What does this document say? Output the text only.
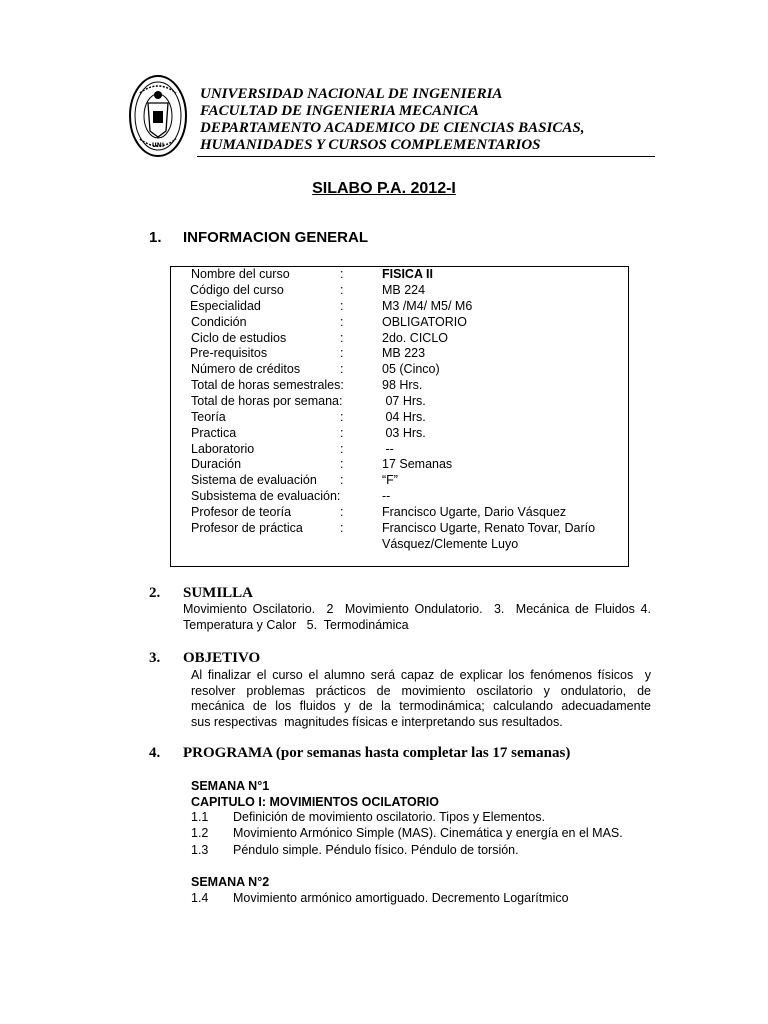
UNI
UNIVERSIDAD NACIONAL DE INGENIERIA
FACULTAD DE INGENIERIA MECANICA
DEPARTAMENTO ACADEMICO DE CIENCIAS BASICAS,
HUMANIDADES Y CURSOS COMPLEMENTARIOS
SILABO P.A. 2012-I
1. INFORMACION GENERAL
Nombre del curso	:	FISICA II
Código del curso	:	MB 224
Especialidad	:	M3 /M4/ M5/ M6
Condición	:	OBLIGATORIO
Ciclo de estudios	:	2do. CICLO
Pre-requisitos	:	MB 223
Número de créditos	:	05 (Cinco)
Total de horas semestrales:	98 Hrs.
Total de horas por semana:	07 Hrs.
Teoría	:	04 Hrs.
Practica	:	03 Hrs.
Laboratorio	:	--
Duración	:	17 Semanas
Sistema de evaluación :	“F”
Subsistema de evaluación:	--
Profesor de teoría	:	Francisco Ugarte, Dario Vásquez
Profesor de práctica	:	Francisco Ugarte, Renato Tovar, Darío
Vásquez/Clemente Luyo
2. SUMILLA
Movimiento Oscilatorio.  2  Movimiento Ondulatorio.  3.  Mecánica de Fluidos 4.
Temperatura y Calor   5.  Termodinámica
3. OBJETIVO
Al finalizar el curso el alumno será capaz de explicar los fenómenos físicos  y
resolver problemas prácticos de movimiento oscilatorio y ondulatorio, de
mecánica de los fluidos y de la termodinámica; calculando adecuadamente
sus respectivas  magnitudes físicas e interpretando sus resultados.
4. PROGRAMA (por semanas hasta completar las 17 semanas)
SEMANA N°1
CAPITULO I: MOVIMIENTOS OCILATORIO
1.1 Definición de movimiento oscilatorio. Tipos y Elementos.
1.2 Movimiento Armónico Simple (MAS). Cinemática y energía en el MAS.
1.3 Péndulo simple. Péndulo físico. Péndulo de torsión.
SEMANA N°2
1.4 Movimiento armónico amortiguado. Decremento Logarítmico
